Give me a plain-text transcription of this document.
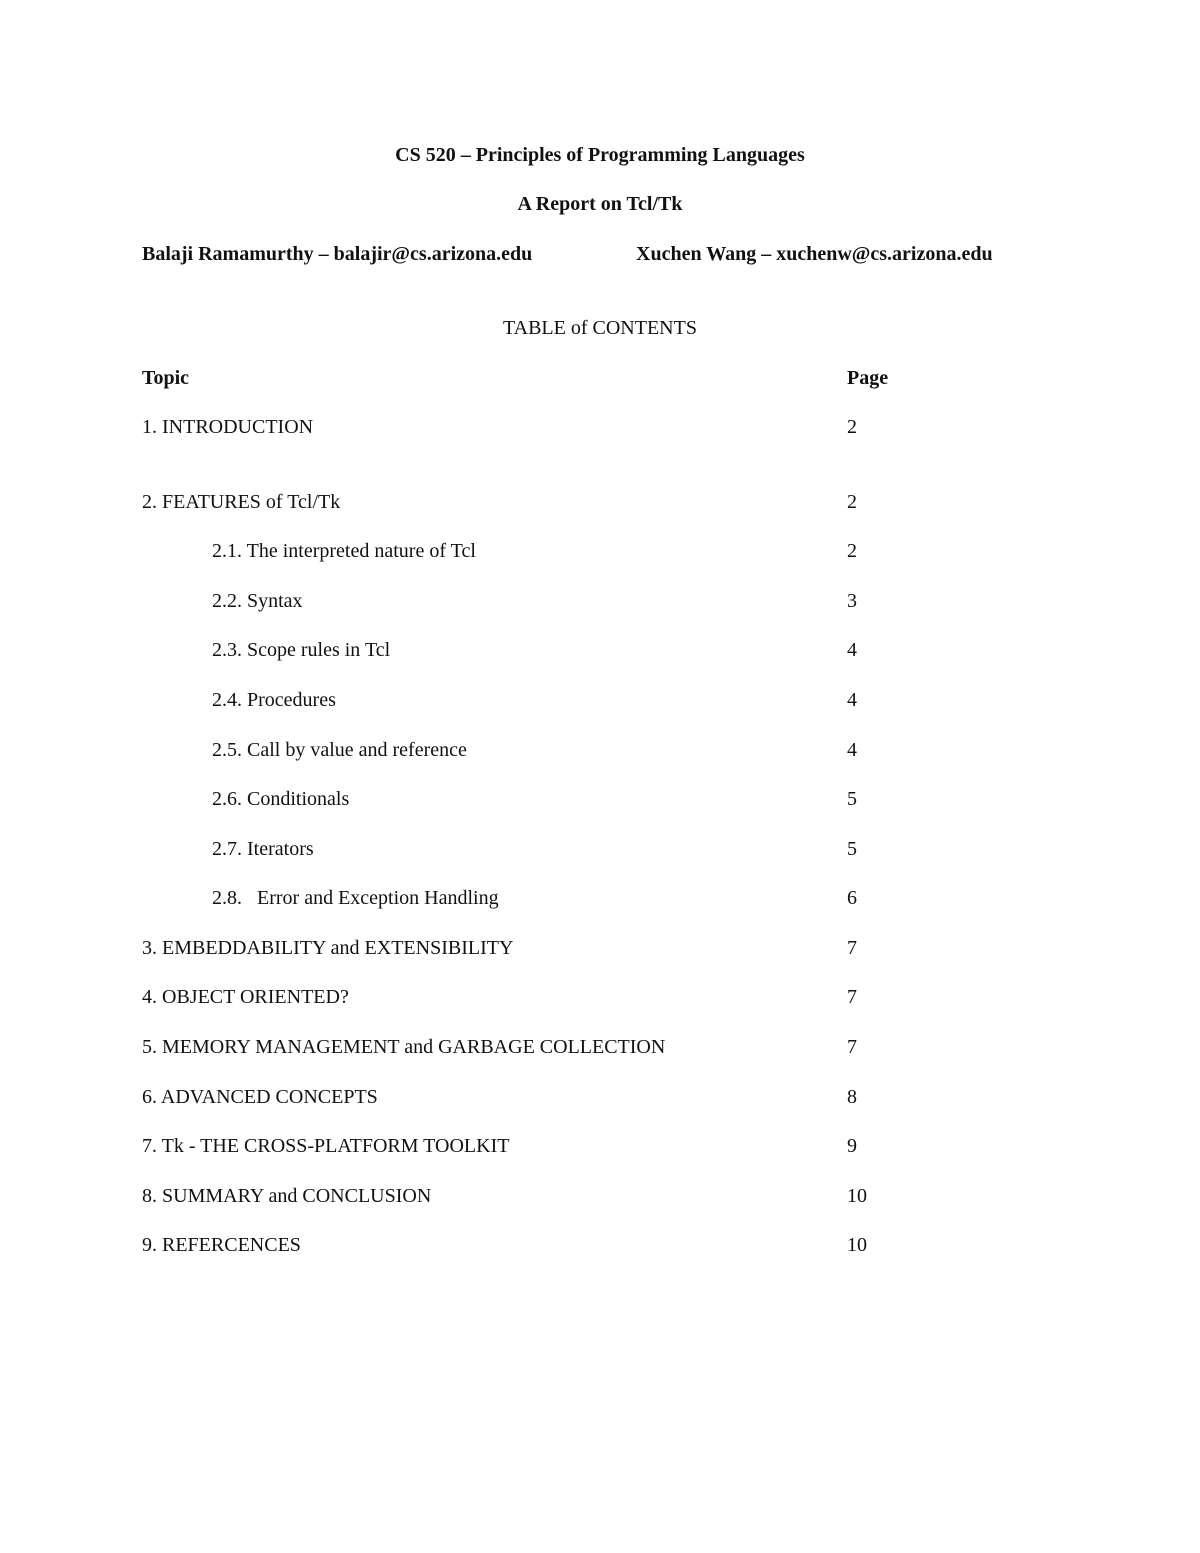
CS 520 – Principles of Programming Languages
A Report on Tcl/Tk
Balaji Ramamurthy – balajir@cs.arizona.edu	Xuchen Wang – xuchenw@cs.arizona.edu
TABLE of CONTENTS
Topic	Page
1. INTRODUCTION	2
2. FEATURES of Tcl/Tk	2
2.1. The interpreted nature of Tcl	2
2.2. Syntax	3
2.3. Scope rules in Tcl	4
2.4. Procedures	4
2.5. Call by value and reference	4
2.6. Conditionals	5
2.7. Iterators	5
2.8.   Error and Exception Handling	6
3. EMBEDDABILITY and EXTENSIBILITY	7
4. OBJECT ORIENTED?	7
5. MEMORY MANAGEMENT and GARBAGE COLLECTION	7
6. ADVANCED CONCEPTS	8
7. Tk - THE CROSS-PLATFORM TOOLKIT	9
8. SUMMARY and CONCLUSION	10
9. REFERCENCES	10
